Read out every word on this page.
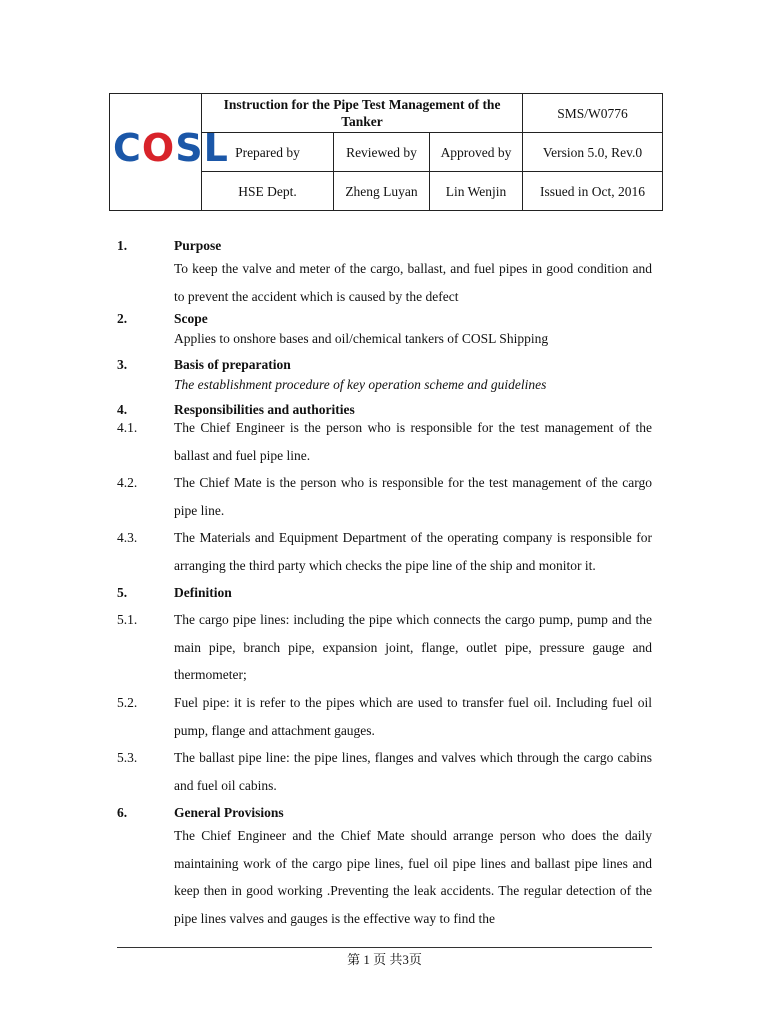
COSL	Instruction for the Pipe Test Management of the Tanker			SMS/W0776
	Prepared by	Reviewed by	Approved by	Version 5.0, Rev.0
	HSE Dept.	Zheng Luyan	Lin Wenjin	Issued in Oct, 2016
1.	Purpose
To keep the valve and meter of the cargo, ballast, and fuel pipes in good condition and to prevent the accident which is caused by the defect
2.	Scope
Applies to onshore bases and oil/chemical tankers of COSL Shipping
3.	Basis of preparation
The establishment procedure of key operation scheme and guidelines
4.	Responsibilities and authorities
4.1.	The Chief Engineer is the person who is responsible for the test management of the ballast and fuel pipe line.
4.2.	The Chief Mate is the person who is responsible for the test management of the cargo pipe line.
4.3.	The Materials and Equipment Department of the operating company is responsible for arranging the third party which checks the pipe line of the ship and monitor it.
5.	Definition
5.1.	The cargo pipe lines: including the pipe which connects the cargo pump, pump and the main pipe, branch pipe, expansion joint, flange, outlet pipe, pressure gauge and thermometer;
5.2.	Fuel pipe: it is refer to the pipes which are used to transfer fuel oil. Including fuel oil pump, flange and attachment gauges.
5.3.	The ballast pipe line: the pipe lines, flanges and valves which through the cargo cabins and fuel oil cabins.
6.	General Provisions
The Chief Engineer and the Chief Mate should arrange person who does the daily maintaining work of the cargo pipe lines, fuel oil pipe lines and ballast pipe lines and keep then in good working .Preventing the leak accidents. The regular detection of the pipe lines valves and gauges is the effective way to find the
第 1 页 共3页
